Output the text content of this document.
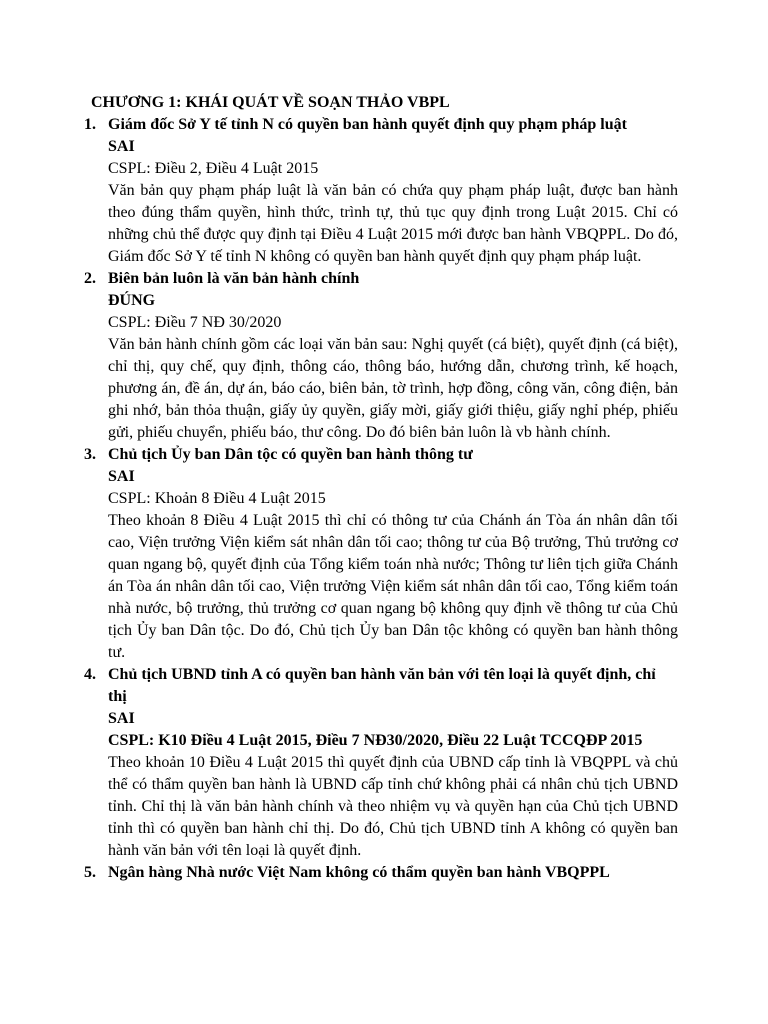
CHƯƠNG 1: KHÁI QUÁT VỀ SOẠN THẢO VBPL

1. Giám đốc Sở Y tế tỉnh N có quyền ban hành quyết định quy phạm pháp luật
SAI
CSPL: Điều 2, Điều 4 Luật 2015
Văn bản quy phạm pháp luật là văn bản có chứa quy phạm pháp luật, được ban hành theo đúng thẩm quyền, hình thức, trình tự, thủ tục quy định trong Luật 2015. Chỉ có những chủ thể được quy định tại Điều 4 Luật 2015 mới được ban hành VBQPPL. Do đó, Giám đốc Sở Y tế tỉnh N không có quyền ban hành quyết định quy phạm pháp luật.
2. Biên bản luôn là văn bản hành chính
ĐÚNG
CSPL: Điều 7 NĐ 30/2020
Văn bản hành chính gồm các loại văn bản sau: Nghị quyết (cá biệt), quyết định (cá biệt), chỉ thị, quy chế, quy định, thông cáo, thông báo, hướng dẫn, chương trình, kế hoạch, phương án, đề án, dự án, báo cáo, biên bản, tờ trình, hợp đồng, công văn, công điện, bản ghi nhớ, bản thỏa thuận, giấy ủy quyền, giấy mời, giấy giới thiệu, giấy nghỉ phép, phiếu gửi, phiếu chuyển, phiếu báo, thư công. Do đó biên bản luôn là vb hành chính.
3. Chủ tịch Ủy ban Dân tộc có quyền ban hành thông tư
SAI
CSPL: Khoản 8 Điều 4 Luật 2015
Theo khoản 8 Điều 4 Luật 2015 thì chỉ có thông tư của Chánh án Tòa án nhân dân tối cao, Viện trưởng Viện kiểm sát nhân dân tối cao; thông tư của Bộ trưởng, Thủ trưởng cơ quan ngang bộ, quyết định của Tổng kiểm toán nhà nước; Thông tư liên tịch giữa Chánh án Tòa án nhân dân tối cao, Viện trưởng Viện kiểm sát nhân dân tối cao, Tổng kiểm toán nhà nước, bộ trưởng, thủ trưởng cơ quan ngang bộ không quy định về thông tư của Chủ tịch Ủy ban Dân tộc. Do đó, Chủ tịch Ủy ban Dân tộc không có quyền ban hành thông tư.
4. Chủ tịch UBND tỉnh A có quyền ban hành văn bản với tên loại là quyết định, chỉ thị
SAI
CSPL: K10 Điều 4 Luật 2015, Điều 7 NĐ30/2020, Điều 22 Luật TCCQĐP 2015
Theo khoản 10 Điều 4 Luật 2015 thì quyết định của UBND cấp tỉnh là VBQPPL và chủ thể có thẩm quyền ban hành là UBND cấp tỉnh chứ không phải cá nhân chủ tịch UBND tỉnh. Chỉ thị là văn bản hành chính và theo nhiệm vụ và quyền hạn của Chủ tịch UBND tỉnh thì có quyền ban hành chỉ thị. Do đó, Chủ tịch UBND tỉnh A không có quyền ban hành văn bản với tên loại là quyết định.
5. Ngân hàng Nhà nước Việt Nam không có thẩm quyền ban hành VBQPPL
